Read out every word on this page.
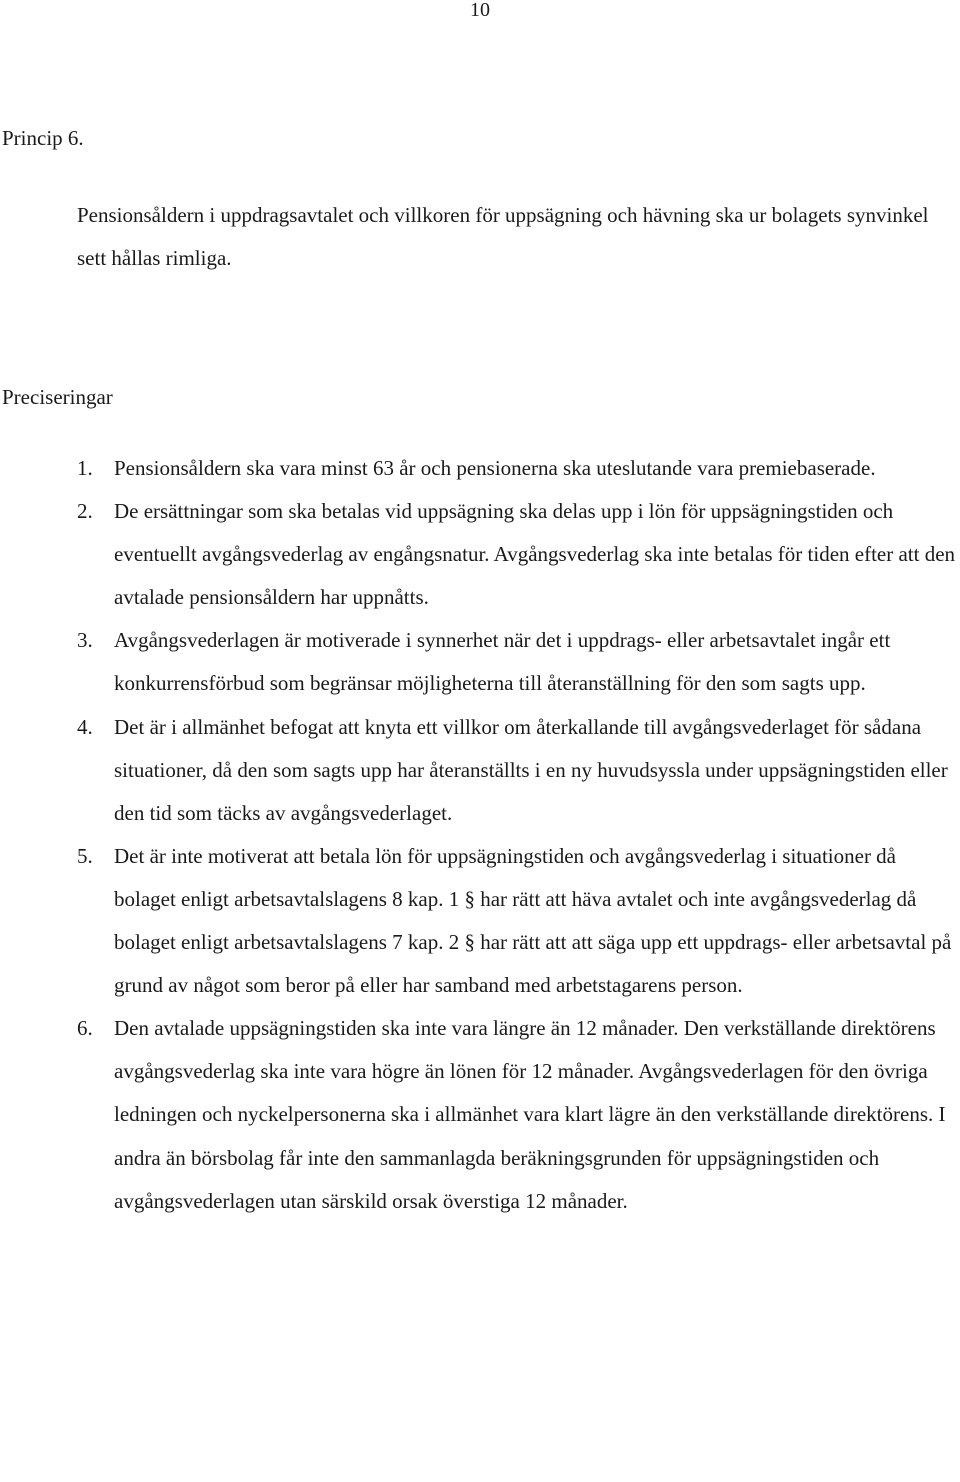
10
Princip 6.

Pensionsåldern i uppdragsavtalet och villkoren för uppsägning och hävning ska ur bolagets synvinkel sett hållas rimliga.

Preciseringar
1. Pensionsåldern ska vara minst 63 år och pensionerna ska uteslutande vara premiebaserade.
2. De ersättningar som ska betalas vid uppsägning ska delas upp i lön för uppsägningstiden och eventuellt avgångsvederlag av engångsnatur. Avgångsvederlag ska inte betalas för tiden efter att den avtalade pensionsåldern har uppnåtts.
3. Avgångsvederlagen är motiverade i synnerhet när det i uppdrags- eller arbetsavtalet ingår ett konkurrensförbud som begränsar möjligheterna till återanställning för den som sagts upp.
4. Det är i allmänhet befogat att knyta ett villkor om återkallande till avgångsvederlaget för sådana situationer, då den som sagts upp har återanställts i en ny huvudsyssla under uppsägningstiden eller den tid som täcks av avgångsvederlaget.
5. Det är inte motiverat att betala lön för uppsägningstiden och avgångsvederlag i situationer då bolaget enligt arbetsavtalslagens 8 kap. 1 § har rätt att häva avtalet och inte avgångsvederlag då bolaget enligt arbetsavtalslagens 7 kap. 2 § har rätt att att säga upp ett uppdrags- eller arbetsavtal på grund av något som beror på eller har samband med arbetstagarens person.
6. Den avtalade uppsägningstiden ska inte vara längre än 12 månader. Den verkställande direktörens avgångsvederlag ska inte vara högre än lönen för 12 månader. Avgångsvederlagen för den övriga ledningen och nyckelpersonerna ska i allmänhet vara klart lägre än den verkställande direktörens. I andra än börsbolag får inte den sammanlagda beräkningsgrunden för uppsägningstiden och avgångsvederlagen utan särskild orsak överstiga 12 månader.
